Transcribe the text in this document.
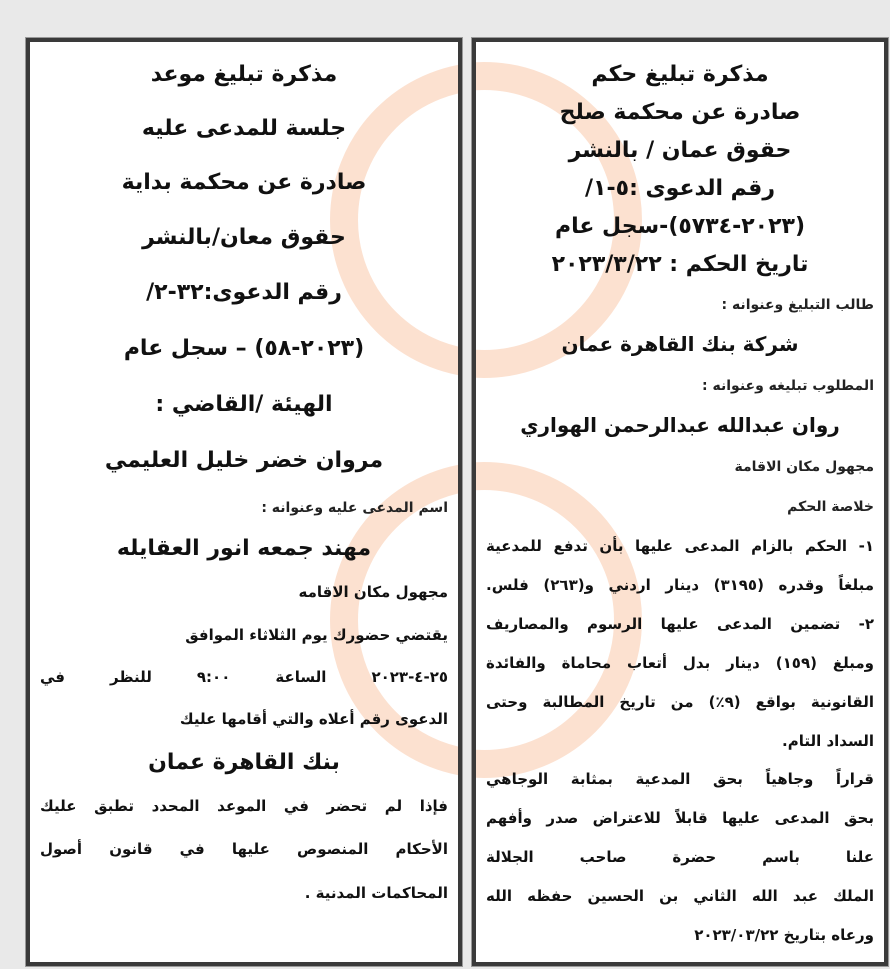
مذكرة تبليغ حكم
صادرة عن محكمة صلح
حقوق عمان / بالنشر
رقم الدعوى :٥-١/
(٢٠٢٣-٥٧٣٤)-سجل عام
تاريخ الحكم : ٢٠٢٣/٣/٢٢
طالب التبليغ وعنوانه :
شركة بنك القاهرة عمان
المطلوب تبليغه وعنوانه :
روان عبدالله عبدالرحمن الهواري
مجهول مكان الاقامة
خلاصة الحكم
١- الحكم بالزام المدعى عليها بأن تدفع للمدعية
مبلغاً وقدره (٣١٩٥) دينار اردني و(٢٦٣) فلس.
٢- تضمين المدعى عليها الرسوم والمصاريف
ومبلغ (١٥٩) دينار بدل أتعاب محاماة والفائدة
القانونية بواقع (٩٪) من تاريخ المطالبة وحتى
السداد التام.
قراراً وجاهياً بحق المدعية بمثابة الوجاهي
بحق المدعى عليها قابلاً للاعتراض صدر وأفهم
علنا باسم حضرة صاحب الجلالة
الملك عبد الله الثاني بن الحسين حفظه الله
ورعاه بتاريخ ٢٠٢٣/٠٣/٢٢
مذكرة تبليغ موعد
جلسة للمدعى عليه
صادرة عن محكمة بداية
حقوق معان/بالنشر
رقم الدعوى:٣٢-٢/
(٢٠٢٣-٥٨) – سجل عام
الهيئة /القاضي :
مروان خضر خليل العليمي
اسم المدعى عليه وعنوانه :
مهند جمعه انور العقايله
مجهول مكان الاقامه
يقتضي حضورك يوم الثلاثاء الموافق
٢٥-٤-٢٠٢٣ الساعة ٩:٠٠ للنظر في
الدعوى رقم أعلاه والتي أقامها عليك
بنك القاهرة عمان
فإذا لم تحضر في الموعد المحدد تطبق عليك
الأحكام المنصوص عليها في قانون أصول
المحاكمات المدنية .
